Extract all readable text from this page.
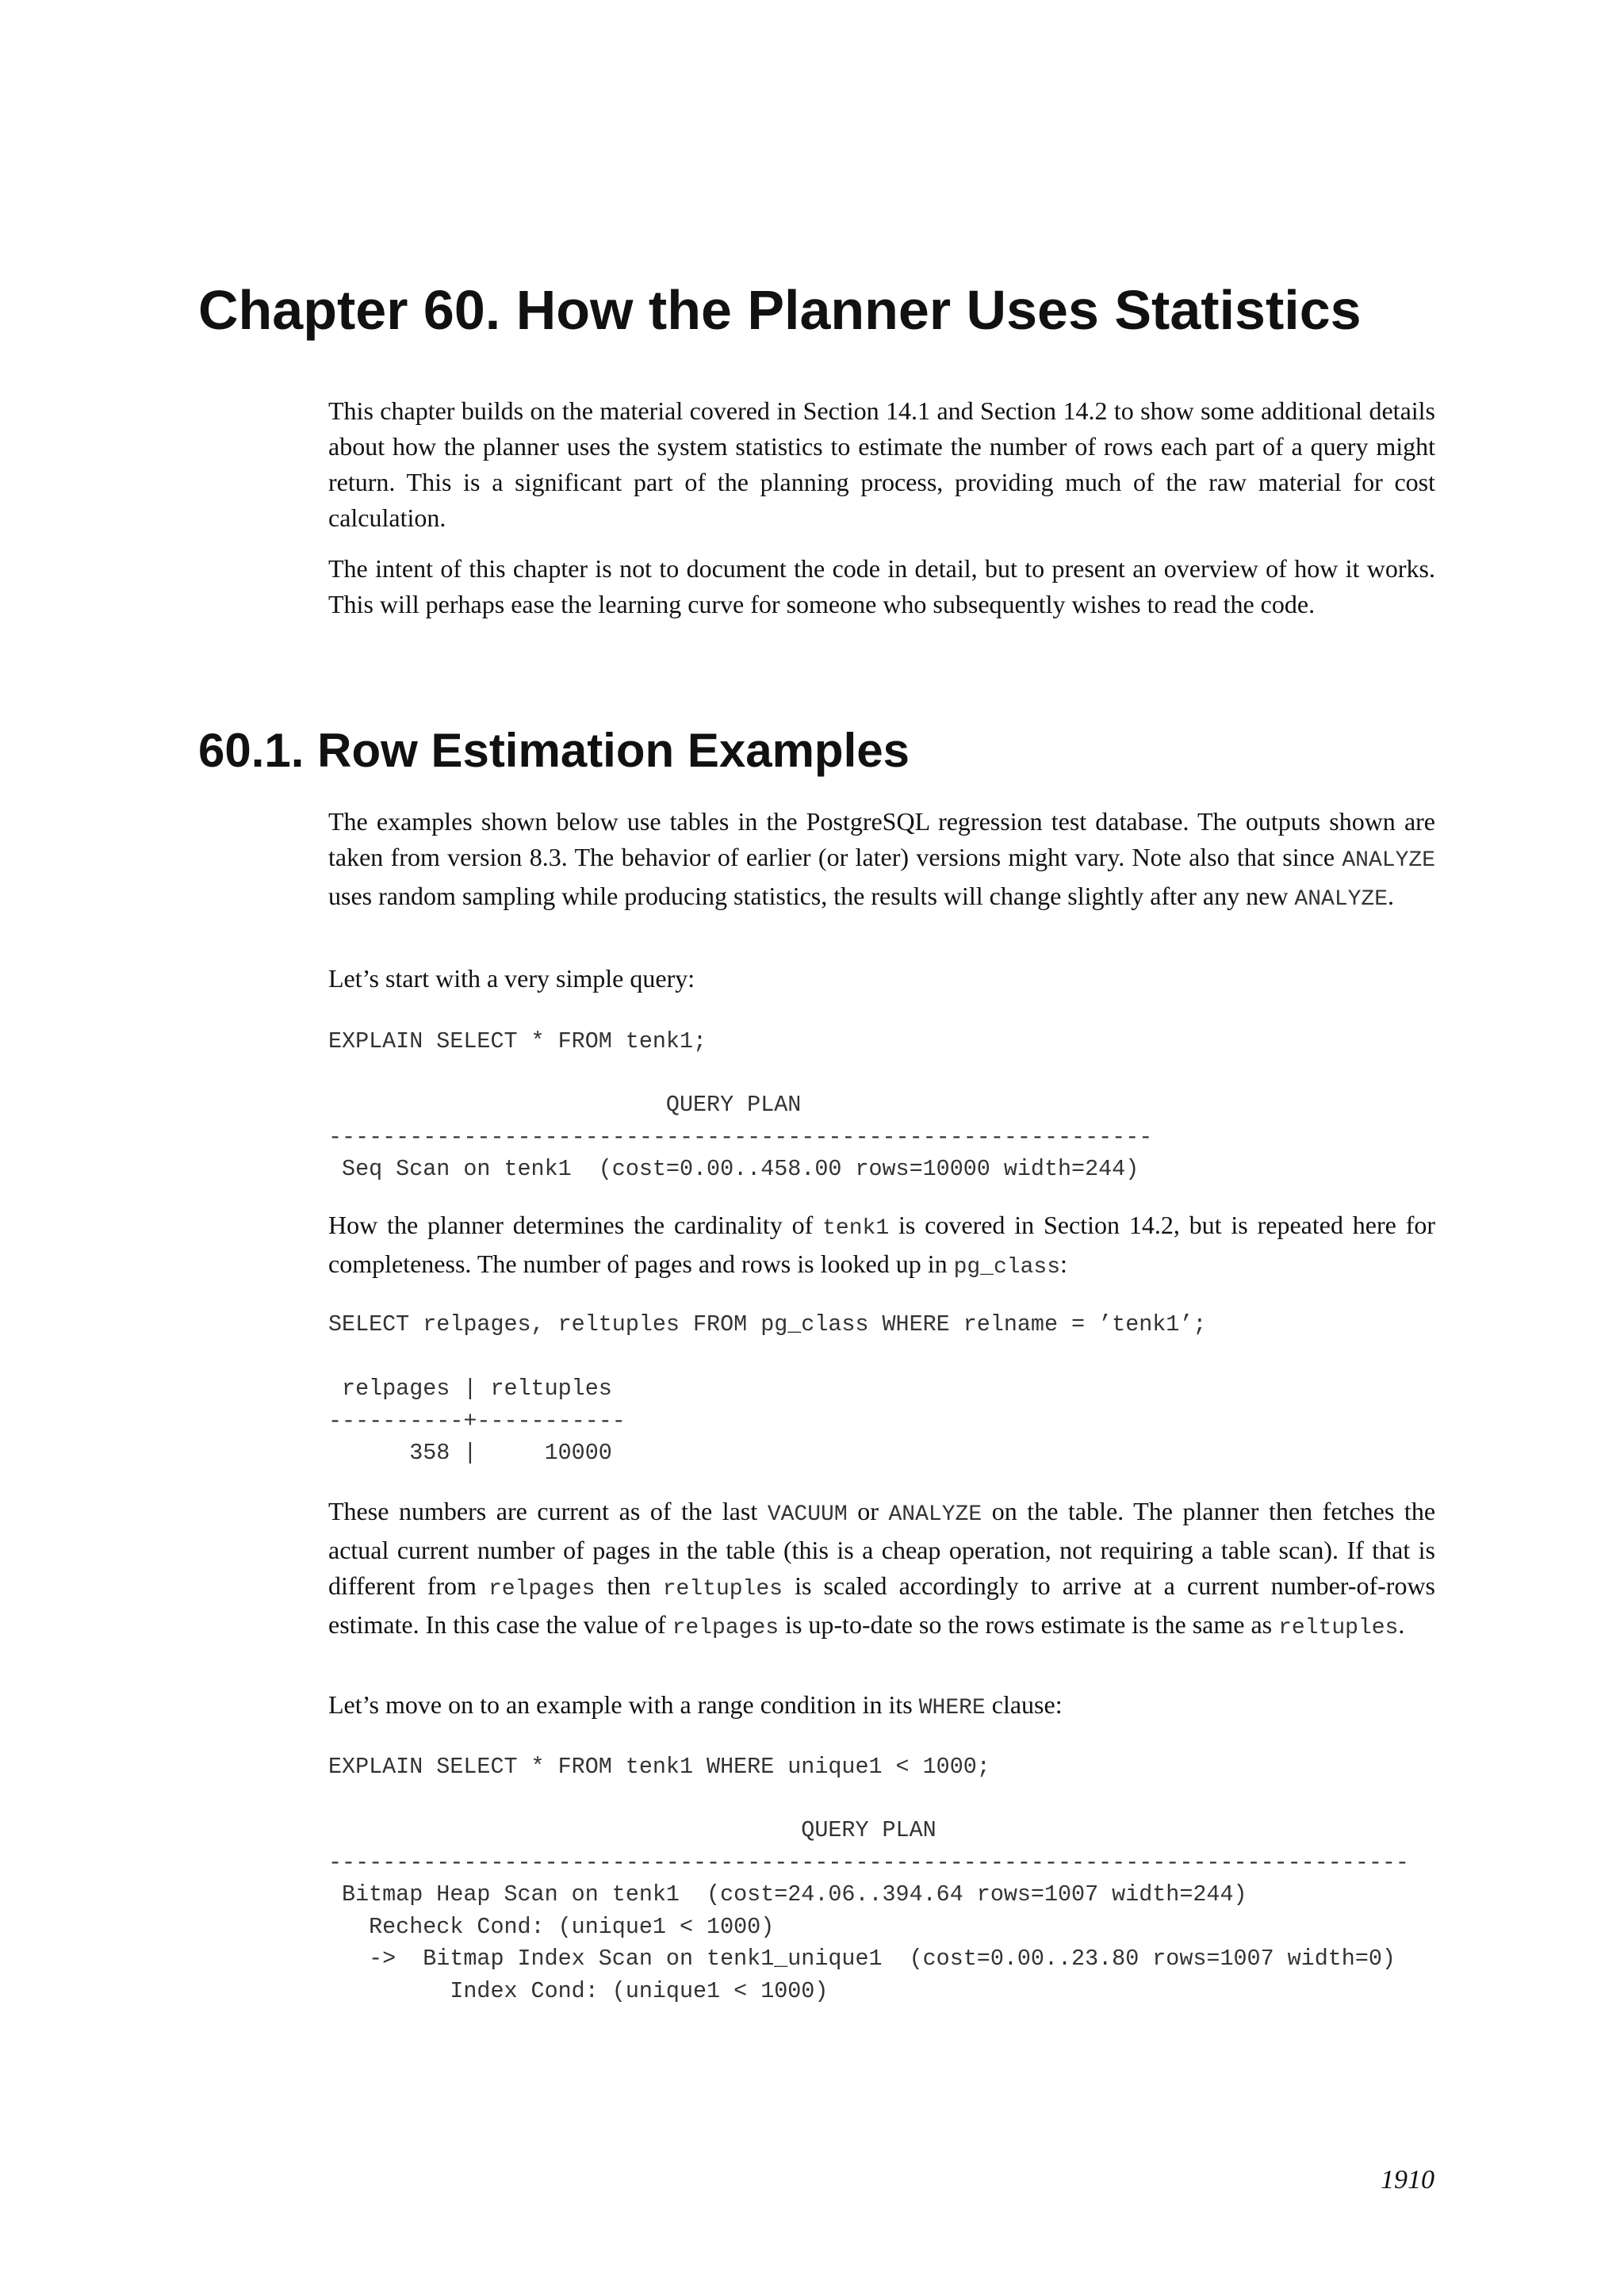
Chapter 60. How the Planner Uses Statistics

This chapter builds on the material covered in Section 14.1 and Section 14.2 to show some additional details about how the planner uses the system statistics to estimate the number of rows each part of a query might return. This is a significant part of the planning process, providing much of the raw material for cost calculation.

The intent of this chapter is not to document the code in detail, but to present an overview of how it works. This will perhaps ease the learning curve for someone who subsequently wishes to read the code.

60.1. Row Estimation Examples

The examples shown below use tables in the PostgreSQL regression test database. The outputs shown are taken from version 8.3. The behavior of earlier (or later) versions might vary. Note also that since ANALYZE uses random sampling while producing statistics, the results will change slightly after any new ANALYZE.

Let’s start with a very simple query:

EXPLAIN SELECT * FROM tenk1;
QUERY PLAN
-------------------------------------------------------------
Seq Scan on tenk1  (cost=0.00..458.00 rows=10000 width=244)

How the planner determines the cardinality of tenk1 is covered in Section 14.2, but is repeated here for completeness. The number of pages and rows is looked up in pg_class:

SELECT relpages, reltuples FROM pg_class WHERE relname = ’tenk1’;
relpages | reltuples
----------+-----------
358 |     10000

These numbers are current as of the last VACUUM or ANALYZE on the table. The planner then fetches the actual current number of pages in the table (this is a cheap operation, not requiring a table scan). If that is different from relpages then reltuples is scaled accordingly to arrive at a current number-of-rows estimate. In this case the value of relpages is up-to-date so the rows estimate is the same as reltuples.

Let’s move on to an example with a range condition in its WHERE clause:

EXPLAIN SELECT * FROM tenk1 WHERE unique1 < 1000;
QUERY PLAN
--------------------------------------------------------------------------------
Bitmap Heap Scan on tenk1  (cost=24.06..394.64 rows=1007 width=244)
Recheck Cond: (unique1 < 1000)
->  Bitmap Index Scan on tenk1_unique1  (cost=0.00..23.80 rows=1007 width=0)
Index Cond: (unique1 < 1000)
1910
